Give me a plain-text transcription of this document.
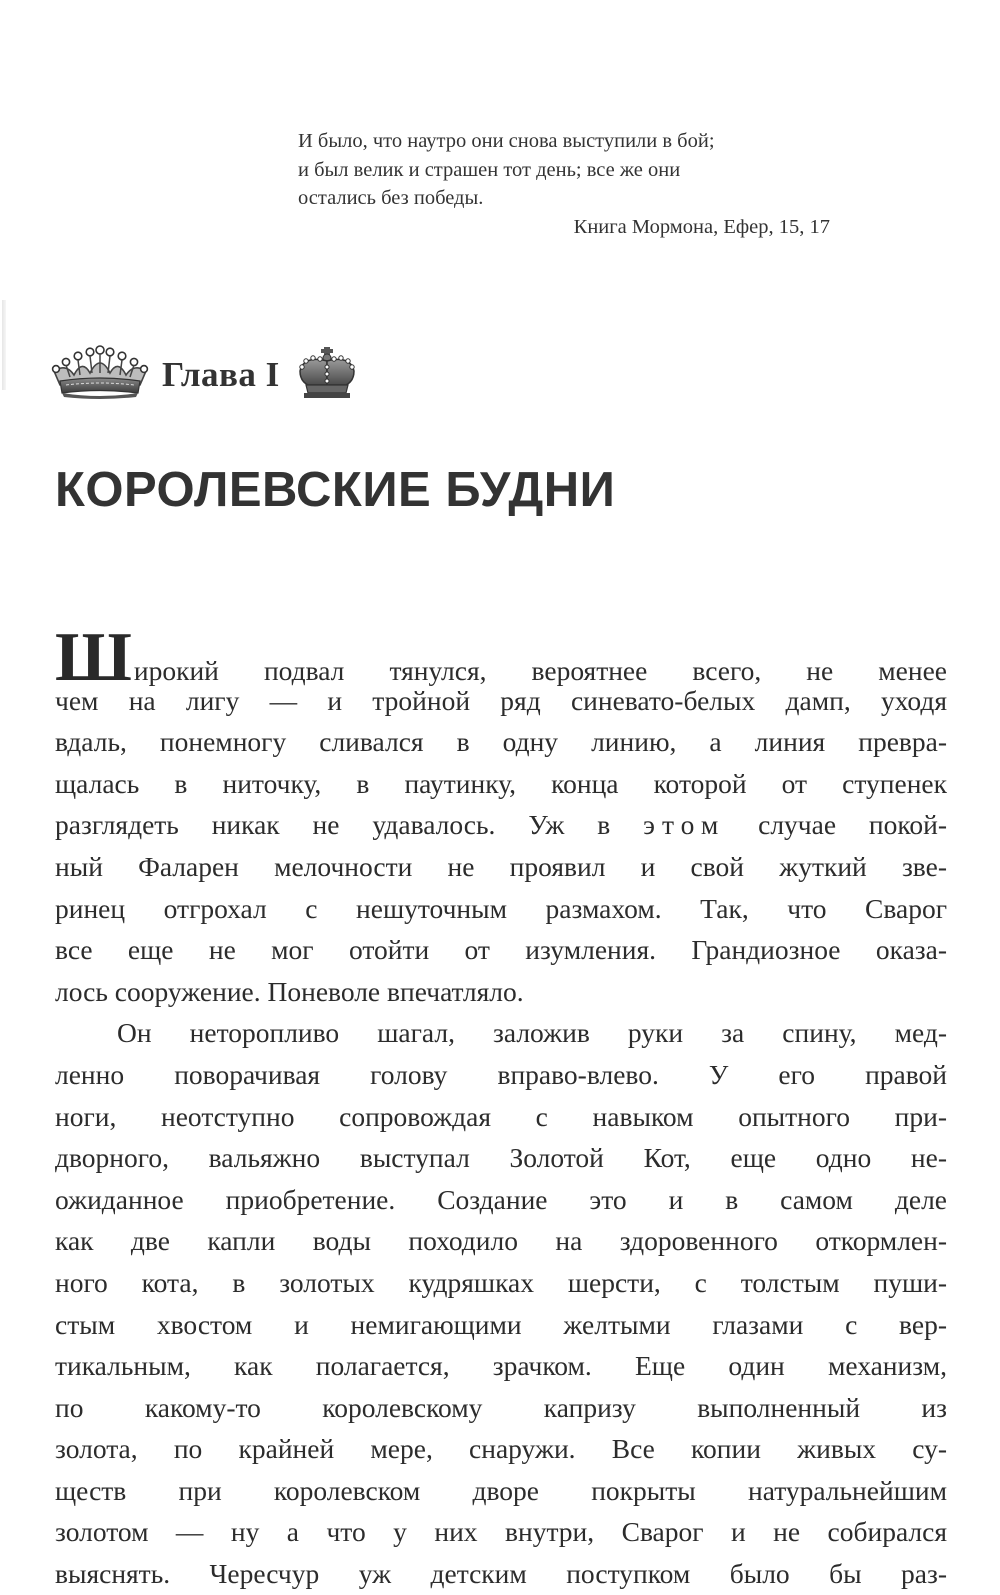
И было, что наутро они снова выступили в бой;
и был велик и страшен тот день; все же они
остались без победы.
Книга Мормона, Ефер, 15, 17
Глава I
КОРОЛЕВСКИЕ БУДНИ
Широкий подвал тянулся, вероятнее всего, не менее
чем на лигу — и тройной ряд синевато-белых дамп, уходя
вдаль, понемногу сливался в одну линию, а линия превра-
щалась в ниточку, в паутинку, конца которой от ступенек
разглядеть никак не удавалось. Уж в этом случае покой-
ный Фаларен мелочности не проявил и свой жуткий зве-
ринец отгрохал с нешуточным размахом. Так, что Сварог
все еще не мог отойти от изумления. Грандиозное оказа-
лось сооружение. Поневоле впечатляло.
Он неторопливо шагал, заложив руки за спину, мед-
ленно поворачивая голову вправо-влево. У его правой
ноги, неотступно сопровождая с навыком опытного при-
дворного, вальяжно выступал Золотой Кот, еще одно не-
ожиданное приобретение. Создание это и в самом деле
как две капли воды походило на здоровенного откормлен-
ного кота, в золотых кудряшках шерсти, с толстым пуши-
стым хвостом и немигающими желтыми глазами с вер-
тикальным, как полагается, зрачком. Еще один механизм,
по какому-то королевскому капризу выполненный из
золота, по крайней мере, снаружи. Все копии живых су-
ществ при королевском дворе покрыты натуральнейшим
золотом — ну а что у них внутри, Сварог и не собирался
выяснять. Чересчур уж детским поступком было бы раз-
